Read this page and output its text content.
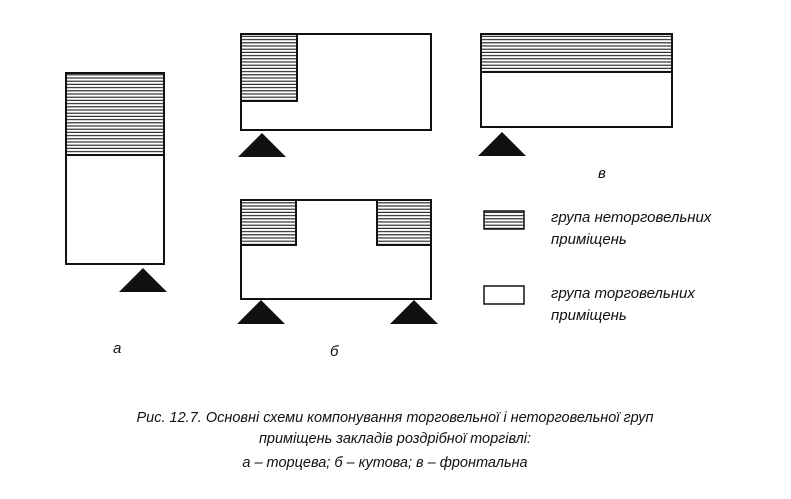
а	б
в
група неторговельних
приміщень
група торговельних
приміщень
Рис. 12.7. Основні схеми компонування торговельної і неторговельної груп
приміщень закладів роздрібної торгівлі:
а – торцева; б – кутова; в – фронтальна
